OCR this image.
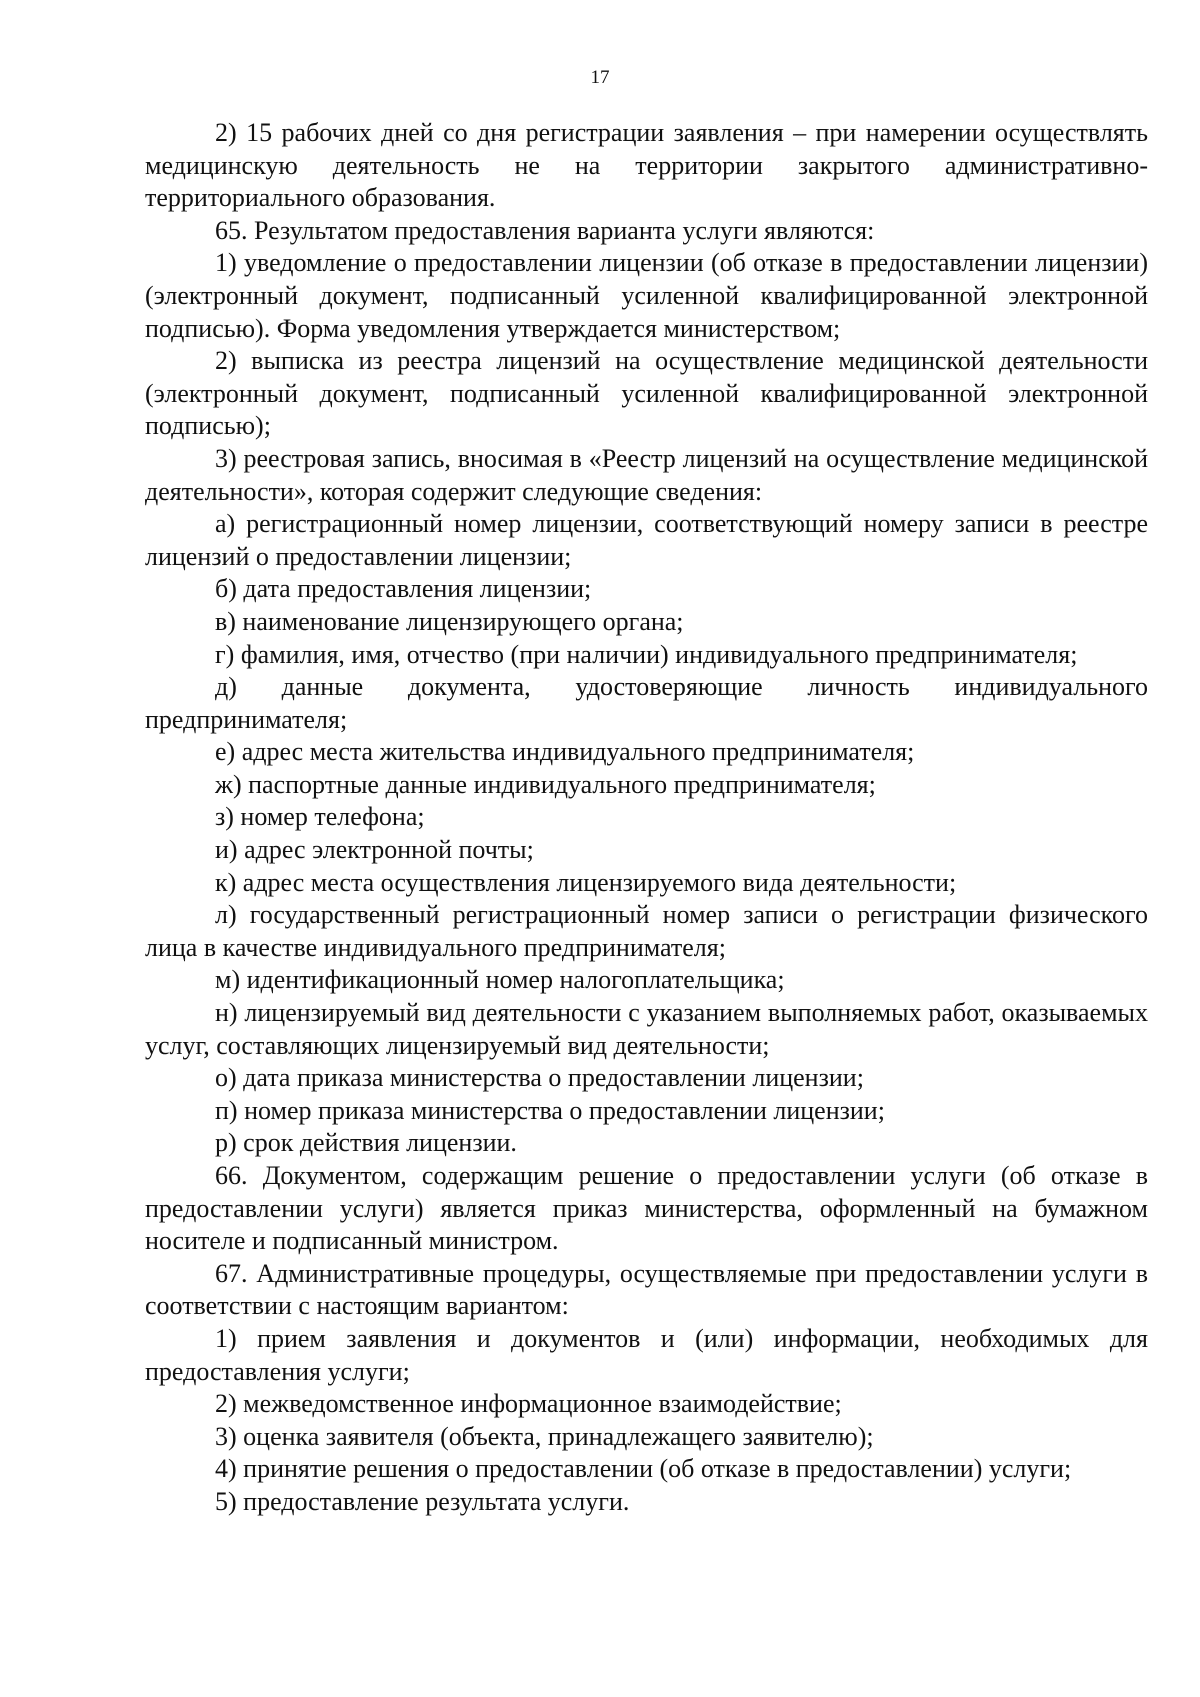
17

2) 15 рабочих дней со дня регистрации заявления – при намерении осуществлять медицинскую деятельность не на территории закрытого административно-территориального образования.

65. Результатом предоставления варианта услуги являются:

1) уведомление о предоставлении лицензии (об отказе в предоставлении лицензии) (электронный документ, подписанный усиленной квалифицированной электронной подписью). Форма уведомления утверждается министерством;

2) выписка из реестра лицензий на осуществление медицинской деятельности (электронный документ, подписанный усиленной квалифицированной электронной подписью);

3) реестровая запись, вносимая в «Реестр лицензий на осуществление медицинской деятельности», которая содержит следующие сведения:

а) регистрационный номер лицензии, соответствующий номеру записи в реестре лицензий о предоставлении лицензии;

б) дата предоставления лицензии;

в) наименование лицензирующего органа;

г) фамилия, имя, отчество (при наличии) индивидуального предпринимателя;

д) данные документа, удостоверяющие личность индивидуального предпринимателя;

е) адрес места жительства индивидуального предпринимателя;

ж) паспортные данные индивидуального предпринимателя;

з) номер телефона;

и) адрес электронной почты;

к) адрес места осуществления лицензируемого вида деятельности;

л) государственный регистрационный номер записи о регистрации физического лица в качестве индивидуального предпринимателя;

м) идентификационный номер налогоплательщика;

н) лицензируемый вид деятельности с указанием выполняемых работ, оказываемых услуг, составляющих лицензируемый вид деятельности;

о) дата приказа министерства о предоставлении лицензии;

п) номер приказа министерства о предоставлении лицензии;

р) срок действия лицензии.

66. Документом, содержащим решение о предоставлении услуги (об отказе в предоставлении услуги) является приказ министерства, оформленный на бумажном носителе и подписанный министром.

67. Административные процедуры, осуществляемые при предоставлении услуги в соответствии с настоящим вариантом:

1) прием заявления и документов и (или) информации, необходимых для предоставления услуги;

2) межведомственное информационное взаимодействие;

3) оценка заявителя (объекта, принадлежащего заявителю);

4) принятие решения о предоставлении (об отказе в предоставлении) услуги;

5) предоставление результата услуги.
